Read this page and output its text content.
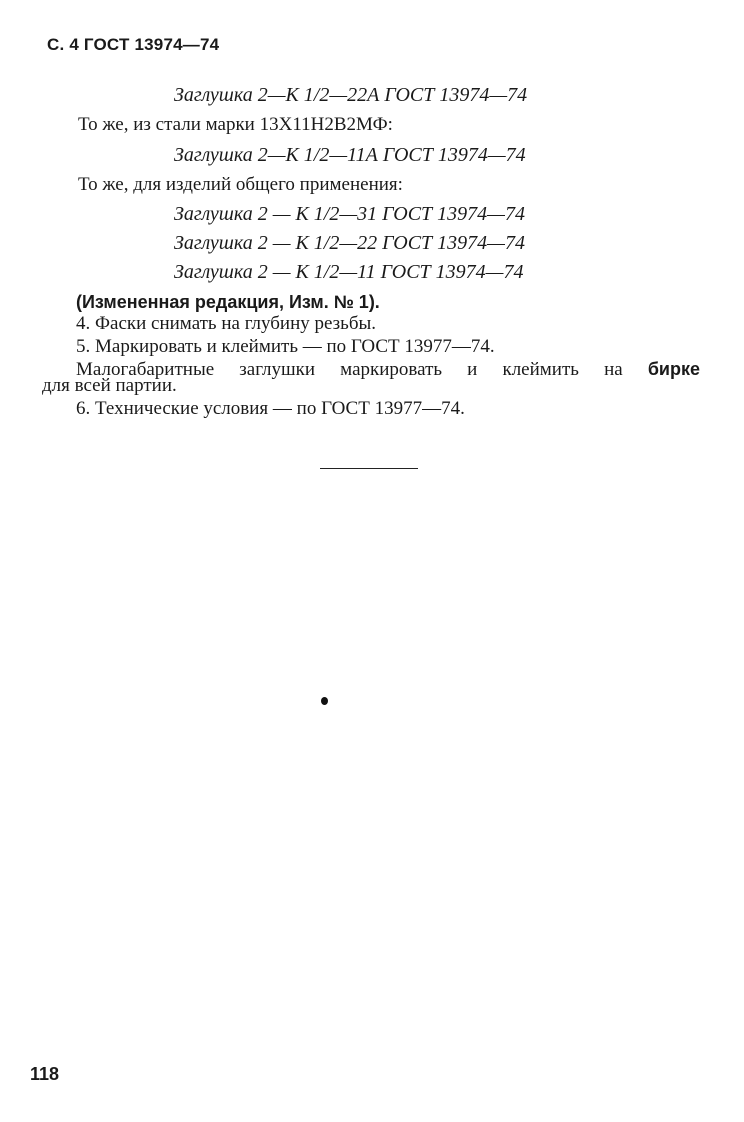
С. 4 ГОСТ 13974—74
Заглушка 2—К 1/2—22А ГОСТ 13974—74
То же, из стали марки 13Х11Н2В2МФ:
Заглушка 2—К 1/2—11А ГОСТ 13974—74
То же, для изделий общего применения:
Заглушка 2 — К 1/2—31 ГОСТ 13974—74
Заглушка 2 — К 1/2—22 ГОСТ 13974—74
Заглушка 2 — К 1/2—11 ГОСТ 13974—74
(Измененная редакция, Изм. № 1).
4. Фаски снимать на глубину резьбы.
5. Маркировать и клеймить — по ГОСТ 13977—74.
Малогабаритные заглушки маркировать и клеймить на бирке
для всей партии.
6. Технические условия — по ГОСТ 13977—74.
118
